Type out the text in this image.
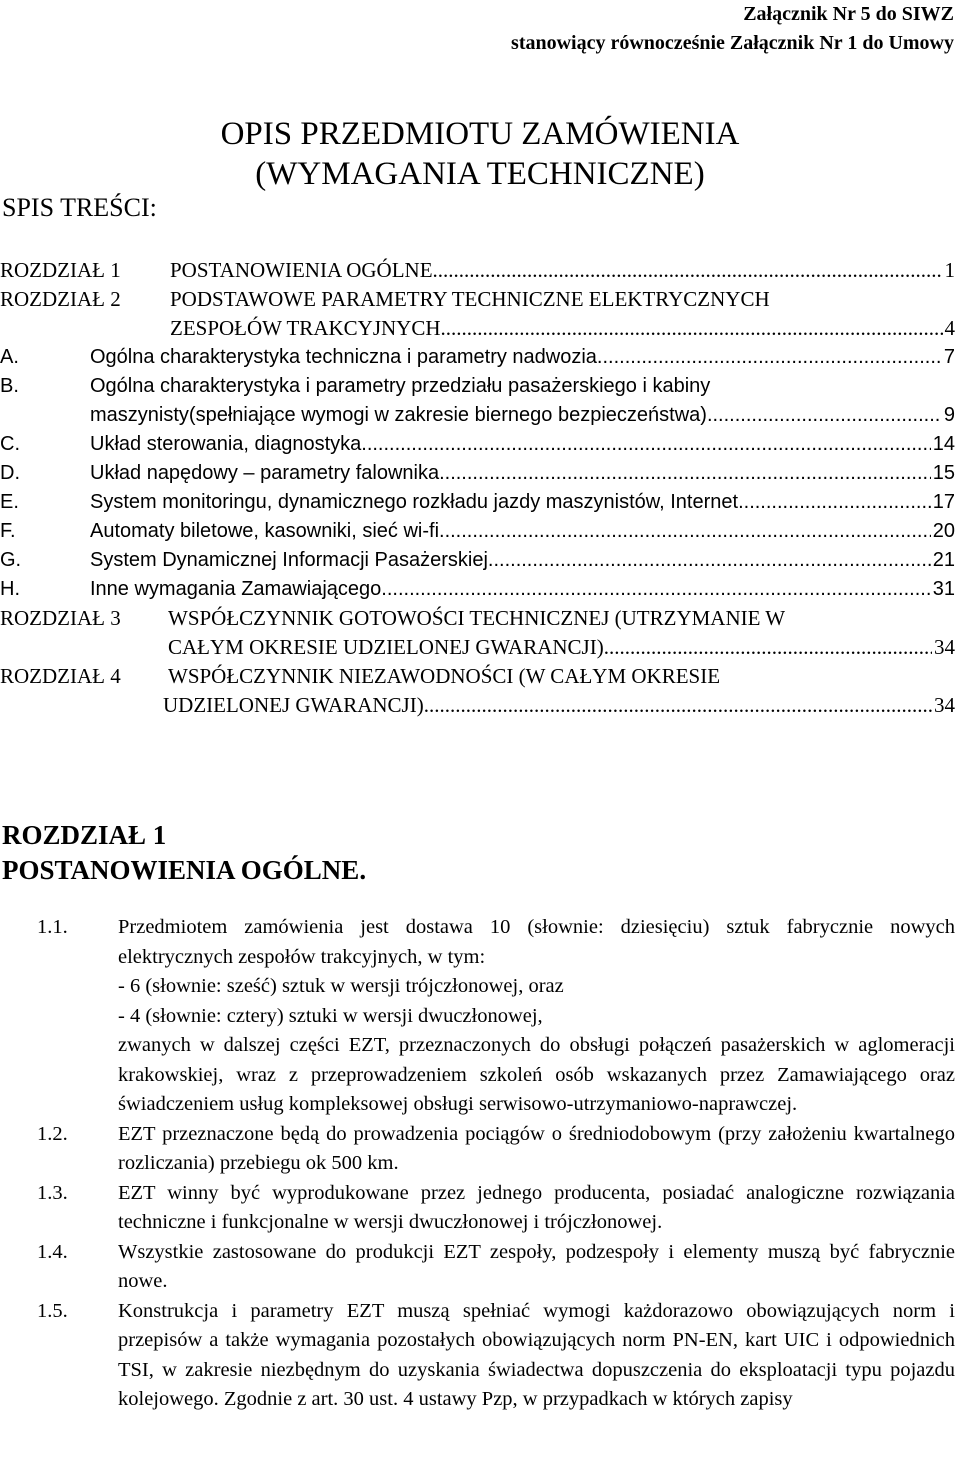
Załącznik Nr 5 do SIWZ
stanowiący równocześnie Załącznik Nr 1 do Umowy
OPIS PRZEDMIOTU ZAMÓWIENIA
(WYMAGANIA TECHNICZNE)
SPIS TREŚCI:
ROZDZIAŁ 1	POSTANOWIENIA OGÓLNE. .....	1
ROZDZIAŁ 2	PODSTAWOWE PARAMETRY TECHNICZNE ELEKTRYCZNYCH
ZESPOŁÓW TRAKCYJNYCH .....	4
A.	Ogólna charakterystyka techniczna i parametry nadwozia .....	7
B.	Ogólna charakterystyka i parametry przedziału pasażerskiego i kabiny
maszynisty(spełniające wymogi w zakresie biernego bezpieczeństwa) .....	9
C.	Układ sterowania, diagnostyka .....	14
D.	Układ napędowy – parametry falownika .....	15
E.	System monitoringu, dynamicznego rozkładu jazdy maszynistów, Internet. .....	17
F.	Automaty biletowe, kasowniki, sieć wi-fi .....	20
G.	System Dynamicznej Informacji Pasażerskiej .....	21
H.	Inne wymagania Zamawiającego .....	31
ROZDZIAŁ 3	WSPÓŁCZYNNIK GOTOWOŚCI TECHNICZNEJ (UTRZYMANIE W
CAŁYM OKRESIE UDZIELONEJ GWARANCJI). .....	34
ROZDZIAŁ 4	WSPÓŁCZYNNIK NIEZAWODNOŚCI (W CAŁYM OKRESIE
UDZIELONEJ GWARANCJI). .....	34
ROZDZIAŁ 1
POSTANOWIENIA OGÓLNE.
1.1.	Przedmiotem zamówienia jest dostawa 10 (słownie: dziesięciu) sztuk fabrycznie nowych elektrycznych zespołów trakcyjnych, w tym:
- 6 (słownie: sześć) sztuk w wersji trójczłonowej, oraz
- 4 (słownie: cztery) sztuki w wersji dwuczłonowej,
zwanych w dalszej części EZT, przeznaczonych do obsługi połączeń pasażerskich w aglomeracji krakowskiej, wraz z przeprowadzeniem szkoleń osób wskazanych przez Zamawiającego oraz świadczeniem usług kompleksowej obsługi serwisowo-utrzymaniowo-naprawczej.
1.2.	EZT przeznaczone będą do prowadzenia pociągów o średniodobowym (przy założeniu kwartalnego rozliczania) przebiegu ok 500 km.
1.3.	EZT winny być wyprodukowane przez jednego producenta, posiadać analogiczne rozwiązania techniczne i funkcjonalne w wersji dwuczłonowej i trójczłonowej.
1.4.	Wszystkie zastosowane do produkcji EZT zespoły, podzespoły i elementy muszą być fabrycznie nowe.
1.5.	Konstrukcja i parametry EZT muszą spełniać wymogi każdorazowo obowiązujących norm i przepisów a także wymagania pozostałych obowiązujących norm PN-EN, kart UIC i odpowiednich TSI, w zakresie niezbędnym do uzyskania świadectwa dopuszczenia do eksploatacji typu pojazdu kolejowego. Zgodnie z art. 30 ust. 4 ustawy Pzp, w przypadkach w których zapisy
